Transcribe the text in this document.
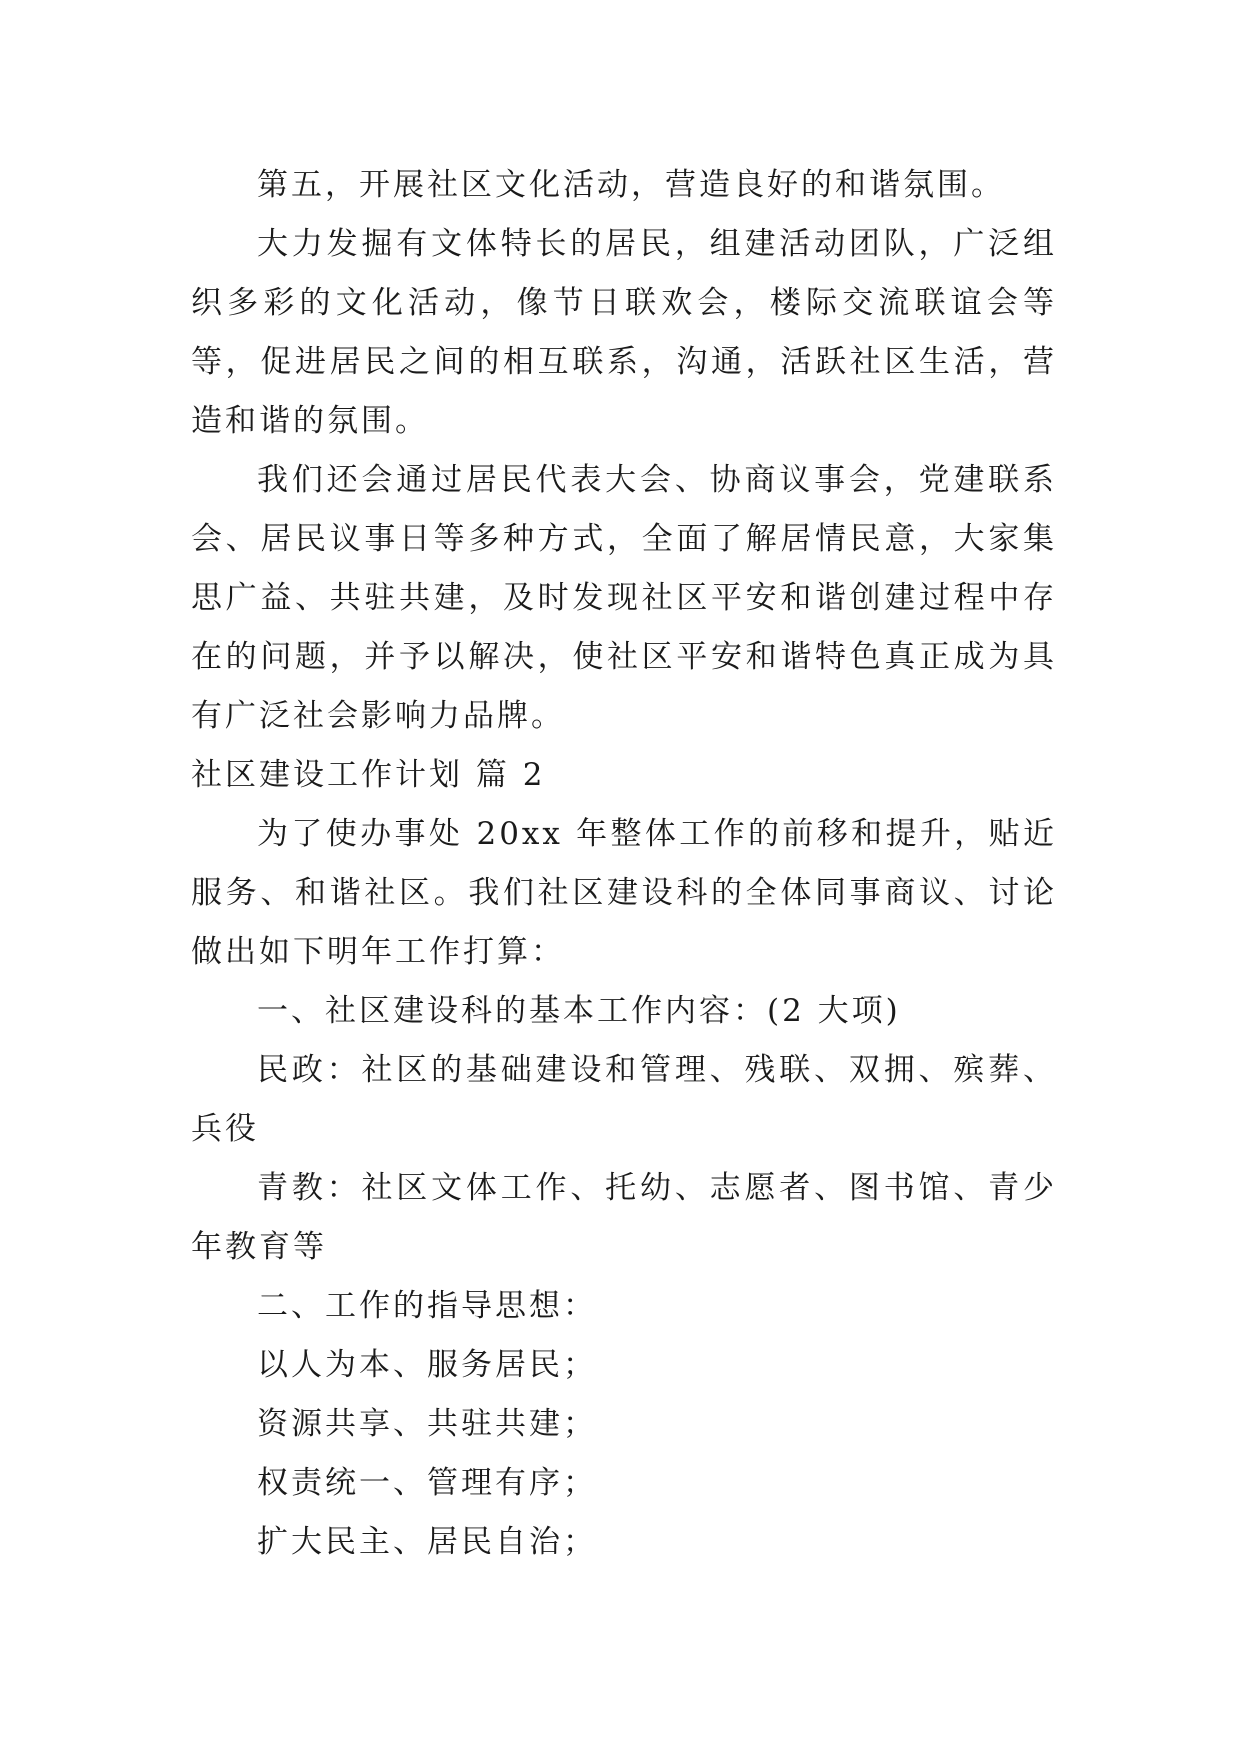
第五，开展社区文化活动，营造良好的和谐氛围。

大力发掘有文体特长的居民，组建活动团队，广泛组织多彩的文化活动，像节日联欢会，楼际交流联谊会等等，促进居民之间的相互联系，沟通，活跃社区生活，营造和谐的氛围。

我们还会通过居民代表大会、协商议事会，党建联系会、居民议事日等多种方式，全面了解居情民意，大家集思广益、共驻共建，及时发现社区平安和谐创建过程中存在的问题，并予以解决，使社区平安和谐特色真正成为具有广泛社会影响力品牌。

社区建设工作计划 篇 2

为了使办事处 20xx 年整体工作的前移和提升，贴近服务、和谐社区。我们社区建设科的全体同事商议、讨论做出如下明年工作打算：

一、社区建设科的基本工作内容：(2 大项)

民政：社区的基础建设和管理、残联、双拥、殡葬、兵役

青教：社区文体工作、托幼、志愿者、图书馆、青少年教育等

二、工作的指导思想：

以人为本、服务居民；

资源共享、共驻共建；

权责统一、管理有序；

扩大民主、居民自治；
